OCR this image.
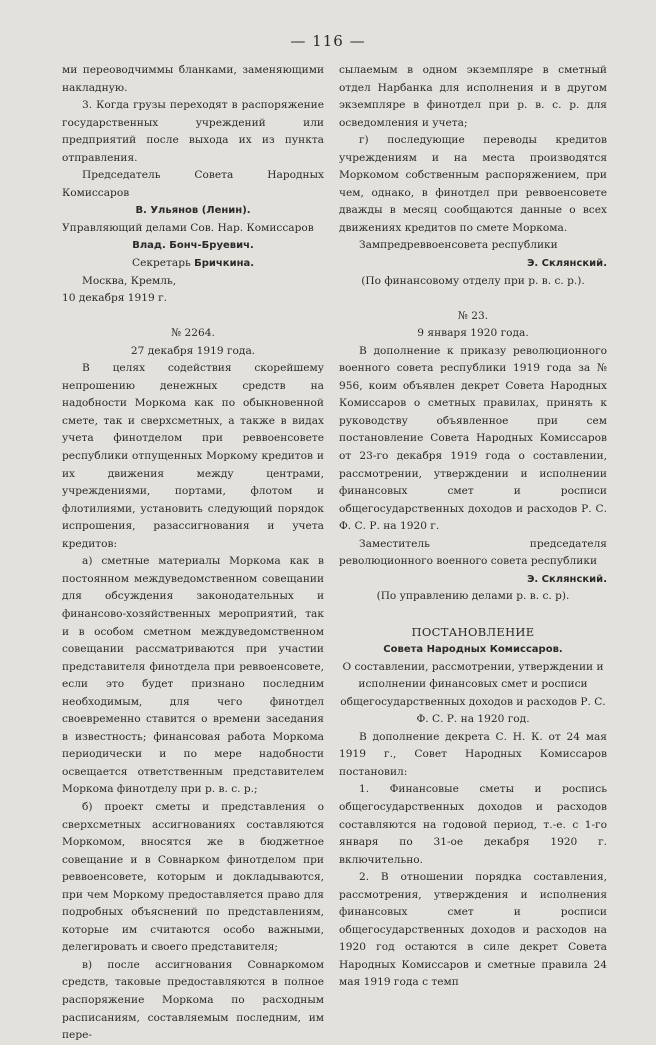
— 116 —

ми переоводчиммы бланками, заменяющими накладную.

3. Когда грузы переходят в распоряжение государственных учреждений или предприятий после выхода их из пункта отправления.

Председатель Совета Народных Комиссаров

В. Ульянов (Ленин).

Управляющий делами Сов. Нар. Комиссаров

Влад. Бонч-Бруевич.

Секретарь Бричкина.

Москва, Кремль,

10 декабря 1919 г.

№ 2264.

27 декабря 1919 года.

В целях содействия скорейшему непрошению денежных средств на надобности Моркома как по обыкновенной смете, так и сверхсметных, а также в видах учета финотделом при реввоенсовете республики отпущенных Моркому кредитов и их движения между центрами, учреждениями, портами, флотом и флотилиями, установить следующий порядок испрошения, разассигнования и учета кредитов:

а) сметные материалы Моркома как в постоянном междуведомственном совещании для обсуждения законодательных и финансово-хозяйственных мероприятий, так и в особом сметном междуведомственном совещании рассматриваются при участии представителя финотдела при реввоенсовете, если это будет признано последним необходимым, для чего финотдел своевременно ставится о времени заседания в известность; финансовая работа Моркома периодически и по мере надобности освещается ответственным представителем Моркома финотделу при р. в. с. р.;

б) проект сметы и представления о сверхсметных ассигнованиях составляются Моркомом, вносятся же в бюджетное совещание и в Совнарком финотделом при реввоенсовете, которым и докладываются, при чем Моркому предоставляется право для подробных объяснений по представлениям, которые им считаются особо важными, делегировать и своего представителя;

в) после ассигнования Совнаркомом средств, таковые предоставляются в полное распоряжение Моркома по расходным расписаниям, составляемым последним, им пере-

сылаемым в одном экземпляре в сметный отдел Нарбанка для исполнения и в другом экземпляре в финотдел при р. в. с. р. для осведомления и учета;

г) последующие переводы кредитов учреждениям и на места производятся Моркомом собственным распоряжением, при чем, однако, в финотдел при реввоенсовете дважды в месяц сообщаются данные о всех движениях кредитов по смете Моркома.

Зампредреввоенсовета республики

Э. Склянский.

(По финансовому отделу при р. в. с. р.).

№ 23.

9 января 1920 года.

В дополнение к приказу революционного военного совета республики 1919 года за № 956, коим объявлен декрет Совета Народных Комиссаров о сметных правилах, принять к руководству объявленное при сем постановление Совета Народных Комиссаров от 23-го декабря 1919 года о составлении, рассмотрении, утверждении и исполнении финансовых смет и росписи общегосударственных доходов и расходов Р. С. Ф. С. Р. на 1920 г.

Заместитель председателя революционного военного совета республики

Э. Склянский.

(По управлению делами р. в. с. р).

ПОСТАНОВЛЕНИЕ

Совета Народных Комиссаров.

О составлении, рассмотрении, утверждении и исполнении финансовых смет и росписи общегосударственных доходов и расходов Р. С. Ф. С. Р. на 1920 год.

В дополнение декрета С. Н. К. от 24 мая 1919 г., Совет Народных Комиссаров постановил:

1. Финансовые сметы и роспись общегосударственных доходов и расходов составляются на годовой период, т.-е. с 1-го января по 31-ое декабря 1920 г. включительно.

2. В отношении порядка составления, рассмотрения, утверждения и исполнения финансовых смет и росписи общегосударственных доходов и расходов на 1920 год остаются в силе декрет Совета Народных Комиссаров и сметные правила 24 мая 1919 года с темп
